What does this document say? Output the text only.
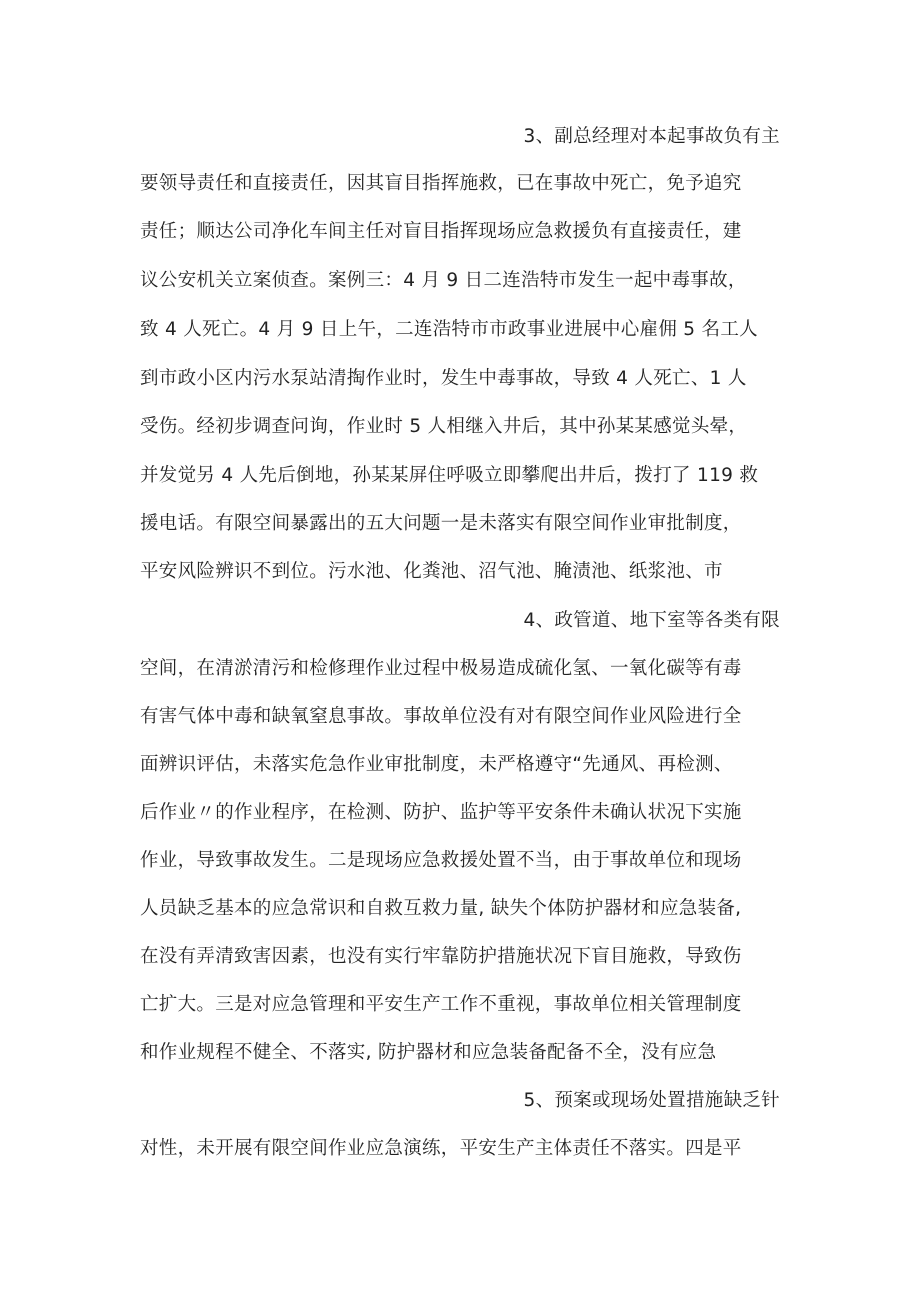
3、副总经理对本起事故负有主
要领导责任和直接责任，因其盲目指挥施救，已在事故中死亡，免予追究
责任；顺达公司净化车间主任对盲目指挥现场应急救援负有直接责任，建
议公安机关立案侦查。案例三：4 月 9 日二连浩特市发生一起中毒事故，
致 4 人死亡。4 月 9 日上午，二连浩特市市政事业进展中心雇佣 5 名工人
到市政小区内污水泵站清掏作业时，发生中毒事故，导致 4 人死亡、1 人
受伤。经初步调查问询，作业时 5 人相继入井后，其中孙某某感觉头晕，
并发觉另 4 人先后倒地，孙某某屏住呼吸立即攀爬出井后，拨打了 119 救
援电话。有限空间暴露出的五大问题一是未落实有限空间作业审批制度，
平安风险辨识不到位。污水池、化粪池、沼气池、腌渍池、纸浆池、市
4、政管道、地下室等各类有限
空间，在清淤清污和检修理作业过程中极易造成硫化氢、一氧化碳等有毒
有害气体中毒和缺氧窒息事故。事故单位没有对有限空间作业风险进行全
面辨识评估，未落实危急作业审批制度，未严格遵守“先通风、再检测、
后作业〃的作业程序，在检测、防护、监护等平安条件未确认状况下实施
作业，导致事故发生。二是现场应急救援处置不当，由于事故单位和现场
人员缺乏基本的应急常识和自救互救力量, 缺失个体防护器材和应急装备,
在没有弄清致害因素，也没有实行牢靠防护措施状况下盲目施救，导致伤
亡扩大。三是对应急管理和平安生产工作不重视，事故单位相关管理制度
和作业规程不健全、不落实, 防护器材和应急装备配备不全，没有应急
5、预案或现场处置措施缺乏针
对性，未开展有限空间作业应急演练，平安生产主体责任不落实。四是平
